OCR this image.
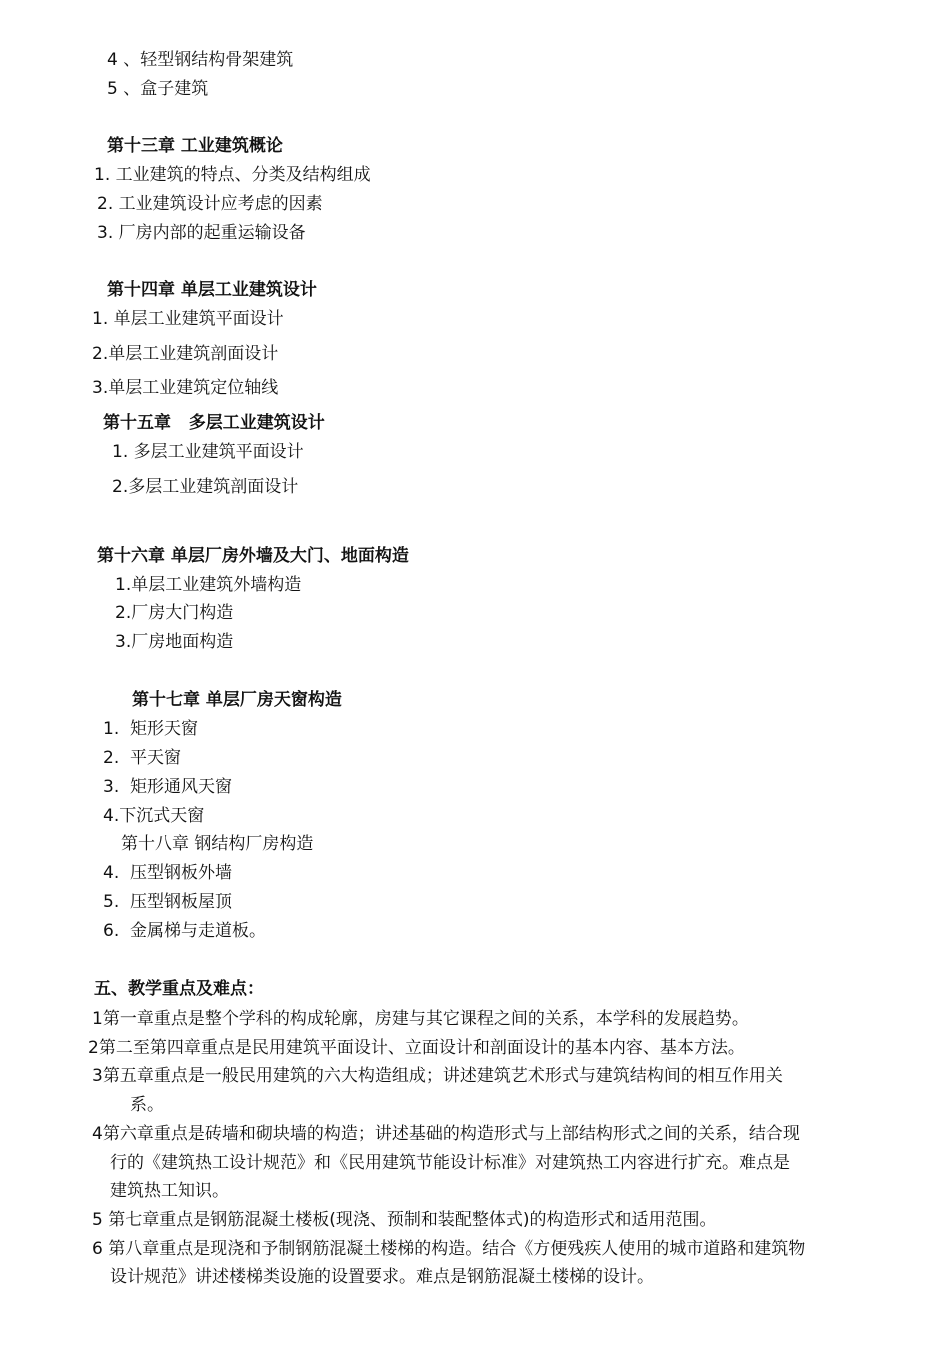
4 、轻型钢结构骨架建筑

5 、盒子建筑

第十三章 工业建筑概论

1. 工业建筑的特点、分类及结构组成

2. 工业建筑设计应考虑的因素

3. 厂房内部的起重运输设备

第十四章 单层工业建筑设计

1. 单层工业建筑平面设计

2.单层工业建筑剖面设计

3.单层工业建筑定位轴线

第十五章   多层工业建筑设计

1. 多层工业建筑平面设计

2.多层工业建筑剖面设计

第十六章 单层厂房外墙及大门、地面构造

1.单层工业建筑外墙构造

2.厂房大门构造

3.厂房地面构造

第十七章 单层厂房天窗构造

1.  矩形天窗

2.  平天窗

3.  矩形通风天窗

4.下沉式天窗

第十八章 钢结构厂房构造

4.  压型钢板外墙

5.  压型钢板屋顶

6.  金属梯与走道板。

五、教学重点及难点：

1第一章重点是整个学科的构成轮廓，房建与其它课程之间的关系，本学科的发展趋势。

2第二至第四章重点是民用建筑平面设计、立面设计和剖面设计的基本内容、基本方法。

3第五章重点是一般民用建筑的六大构造组成；讲述建筑艺术形式与建筑结构间的相互作用关

系。

4第六章重点是砖墙和砌块墙的构造；讲述基础的构造形式与上部结构形式之间的关系，结合现

行的《建筑热工设计规范》和《民用建筑节能设计标准》对建筑热工内容进行扩充。难点是

建筑热工知识。

5 第七章重点是钢筋混凝土楼板(现浇、预制和装配整体式)的构造形式和适用范围。

6 第八章重点是现浇和予制钢筋混凝土楼梯的构造。结合《方便残疾人使用的城市道路和建筑物

设计规范》讲述楼梯类设施的设置要求。难点是钢筋混凝土楼梯的设计。
